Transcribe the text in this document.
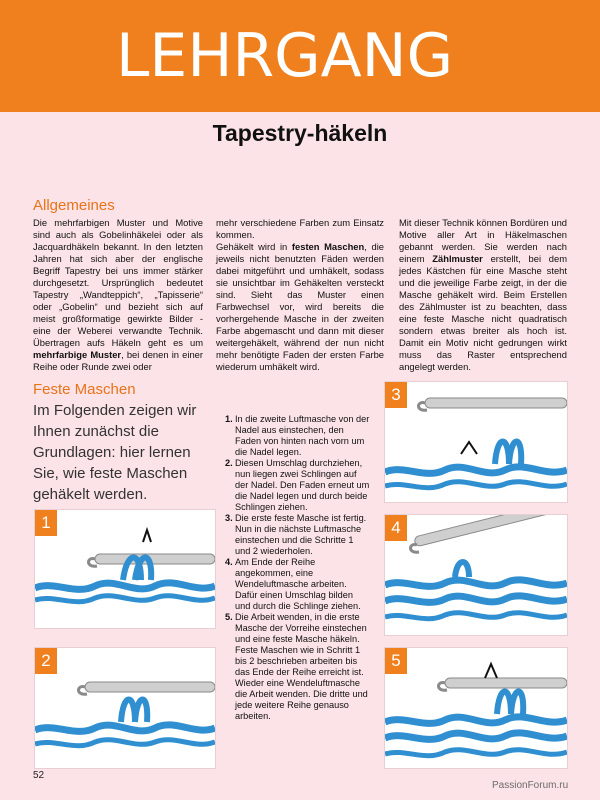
LEHRGANG
Tapestry-häkeln
Allgemeines
Die mehrfarbigen Muster und Motive sind auch als Gobelinhäkelei oder als Jacquardhäkeln bekannt. In den letzten Jahren hat sich aber der englische Begriff Tapestry bei uns immer stärker durchgesetzt. Ursprünglich bedeutet Tapestry „Wandteppich“, „Tapisserie“ oder „Gobelin“ und bezieht sich auf meist großformatige gewirkte Bilder - eine der Weberei verwandte Technik. Übertragen aufs Häkeln geht es um mehrfarbige Muster, bei denen in einer Reihe oder Runde zwei oder
mehr verschiedene Farben zum Einsatz kommen.
Gehäkelt wird in festen Maschen, die jeweils nicht benutzten Fäden werden dabei mitgeführt und umhäkelt, sodass sie unsichtbar im Gehäkelten versteckt sind. Sieht das Muster einen Farbwechsel vor, wird bereits die vorhergehende Masche in der zweiten Farbe abgemascht und dann mit dieser weitergehäkelt, während der nun nicht mehr benötigte Faden der ersten Farbe wiederum umhäkelt wird.
Mit dieser Technik können Bordüren und Motive aller Art in Häkelmaschen gebannt werden. Sie werden nach einem Zählmuster erstellt, bei dem jedes Kästchen für eine Masche steht und die jeweilige Farbe zeigt, in der die Masche gehäkelt wird. Beim Erstellen des Zählmuster ist zu beachten, dass eine feste Masche nicht quadratisch sondern etwas breiter als hoch ist. Damit ein Motiv nicht gedrungen wirkt muss das Raster entsprechend angelegt werden.
Feste Maschen
Im Folgenden zeigen wir Ihnen zunächst die Grundlagen: hier lernen Sie, wie feste Maschen gehäkelt werden.
1. In die zweite Luftmasche von der Nadel aus einstechen, den Faden von hinten nach vorn um die Nadel legen.
2. Diesen Umschlag durchziehen, nun liegen zwei Schlingen auf der Nadel. Den Faden erneut um die Nadel legen und durch beide Schlingen ziehen.
3. Die erste feste Masche ist fertig. Nun in die nächste Luftmasche einstechen und die Schritte 1 und 2 wiederholen.
4. Am Ende der Reihe angekommen, eine Wendeluftmasche arbeiten. Dafür einen Umschlag bilden und durch die Schlinge ziehen.
5. Die Arbeit wenden, in die erste Masche der Vorreihe einstechen und eine feste Masche häkeln. Feste Maschen wie in Schritt 1 bis 2 beschrieben arbeiten bis das Ende der Reihe erreicht ist. Wieder eine Wendeluftmasche die Arbeit wenden. Die dritte und jede weitere Reihe genauso arbeiten.
1
2
3
4
5
52
PassionForum.ru
